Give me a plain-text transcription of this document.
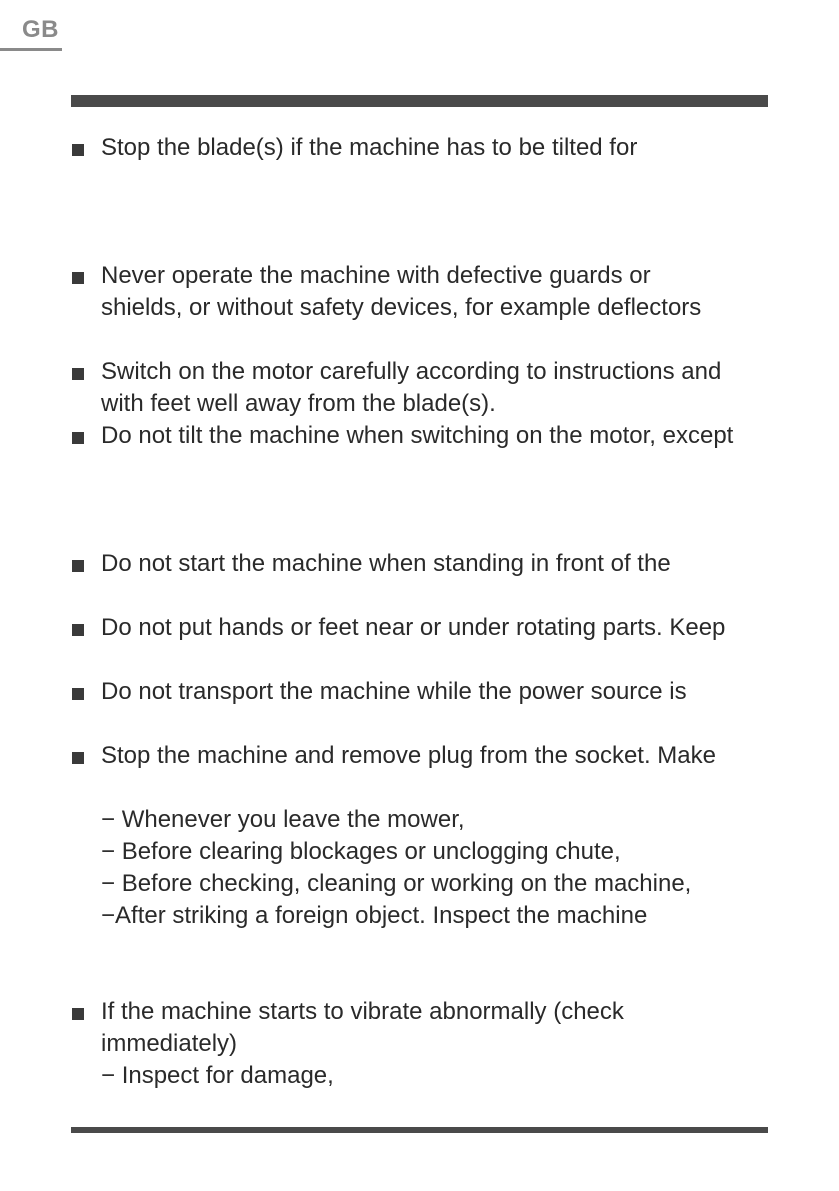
GB
Stop the blade(s) if the machine has to be tilted for
Never operate the machine with defective guards or
shields, or without safety devices, for example deflectors
Switch on the motor carefully according to instructions and
with feet well away from the blade(s).
Do not tilt the machine when switching on the motor, except
Do not start the machine when standing in front of the
Do not put hands or feet near or under rotating parts. Keep
Do not transport the machine while the power source is
Stop the machine and remove plug from the socket. Make
− Whenever you leave the mower,
− Before clearing blockages or unclogging chute,
− Before checking, cleaning or working on the machine,
−After striking a foreign object. Inspect the machine
If the machine starts to vibrate abnormally (check
immediately)
− Inspect for damage,
